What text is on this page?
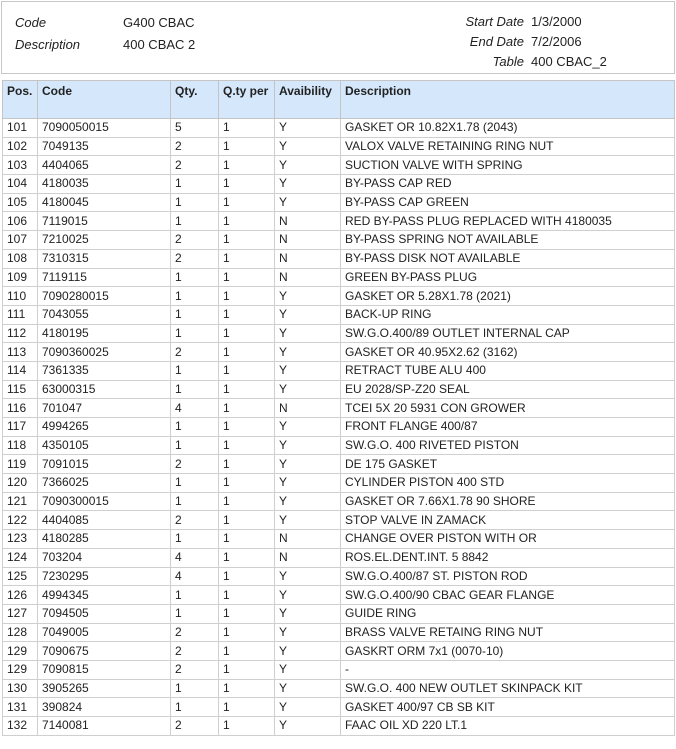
Code	G400 CBAC
Description	400 CBAC 2
Start Date 1/3/2000
End Date 7/2/2006
Table 400 CBAC_2
Pos.	Code	Qty.	Q.ty per	Avaibility	Description
101	7090050015	5	1	Y	GASKET OR 10.82X1.78 (2043)
102	7049135	2	1	Y	VALOX VALVE RETAINING RING NUT
103	4404065	2	1	Y	SUCTION VALVE WITH SPRING
104	4180035	1	1	Y	BY-PASS CAP RED
105	4180045	1	1	Y	BY-PASS CAP GREEN
106	7119015	1	1	N	RED BY-PASS PLUG REPLACED WITH 4180035
107	7210025	2	1	N	BY-PASS SPRING NOT AVAILABLE
108	7310315	2	1	N	BY-PASS DISK NOT AVAILABLE
109	7119115	1	1	N	GREEN BY-PASS PLUG
110	7090280015	1	1	Y	GASKET OR 5.28X1.78 (2021)
111	7043055	1	1	Y	BACK-UP RING
112	4180195	1	1	Y	SW.G.O.400/89 OUTLET INTERNAL CAP
113	7090360025	2	1	Y	GASKET OR 40.95X2.62 (3162)
114	7361335	1	1	Y	RETRACT TUBE ALU 400
115	63000315	1	1	Y	EU 2028/SP-Z20 SEAL
116	701047	4	1	N	TCEI 5X 20 5931 CON GROWER
117	4994265	1	1	Y	FRONT FLANGE 400/87
118	4350105	1	1	Y	SW.G.O. 400 RIVETED PISTON
119	7091015	2	1	Y	DE 175 GASKET
120	7366025	1	1	Y	CYLINDER PISTON 400 STD
121	7090300015	1	1	Y	GASKET OR 7.66X1.78 90 SHORE
122	4404085	2	1	Y	STOP VALVE IN ZAMACK
123	4180285	1	1	N	CHANGE OVER PISTON WITH OR
124	703204	4	1	N	ROS.EL.DENT.INT. 5 8842
125	7230295	4	1	Y	SW.G.O.400/87 ST. PISTON ROD
126	4994345	1	1	Y	SW.G.O.400/90 CBAC GEAR FLANGE
127	7094505	1	1	Y	GUIDE RING
128	7049005	2	1	Y	BRASS VALVE RETAING RING NUT
129	7090675	2	1	Y	GASKRT ORM 7x1 (0070-10)
129	7090815	2	1	Y	-
130	3905265	1	1	Y	SW.G.O. 400 NEW OUTLET SKINPACK KIT
131	390824	1	1	Y	GASKET 400/97 CB SB KIT
132	7140081	2	1	Y	FAAC OIL XD 220 LT.1
